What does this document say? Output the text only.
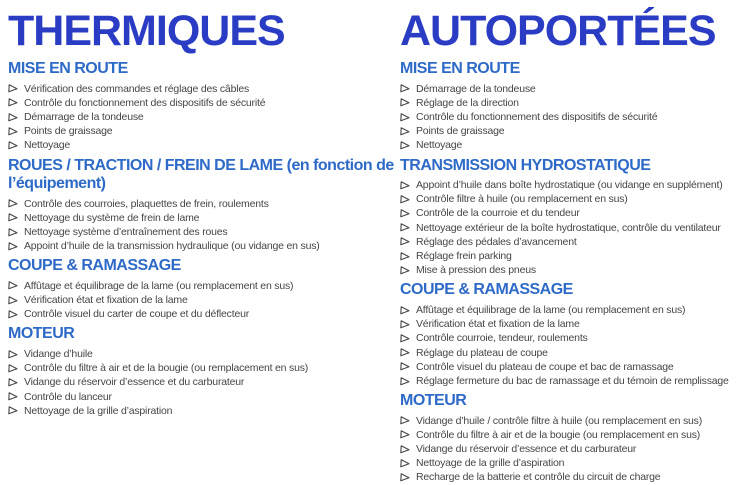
THERMIQUES
MISE EN ROUTE
Vérification des commandes et réglage des câbles
Contrôle du fonctionnement des dispositifs de sécurité
Démarrage de la tondeuse
Points de graissage
Nettoyage
ROUES / TRACTION / FREIN DE LAME (en fonction de l’équipement)
Contrôle des courroies, plaquettes de frein, roulements
Nettoyage du système de frein de lame
Nettoyage système d’entraînement des roues
Appoint d’huile de la transmission hydraulique (ou vidange en sus)
COUPE & RAMASSAGE
Affûtage et équilibrage de la lame (ou remplacement en sus)
Vérification état et fixation de la lame
Contrôle visuel du carter de coupe et du déflecteur
MOTEUR
Vidange d’huile
Contrôle du filtre à air et de la bougie (ou remplacement en sus)
Vidange du réservoir d’essence et du carburateur
Contrôle du lanceur
Nettoyage de la grille d’aspiration
AUTOPORTÉES
MISE EN ROUTE
Démarrage de la tondeuse
Réglage de la direction
Contrôle du fonctionnement des dispositifs de sécurité
Points de graissage
Nettoyage
TRANSMISSION HYDROSTATIQUE
Appoint d’huile dans boîte hydrostatique (ou vidange en supplément)
Contrôle filtre à huile (ou remplacement en sus)
Contrôle de la courroie et du tendeur
Nettoyage extérieur de la boîte hydrostatique, contrôle du ventilateur
Réglage des pédales d’avancement
Réglage frein parking
Mise à pression des pneus
COUPE & RAMASSAGE
Affûtage et équilibrage de la lame (ou remplacement en sus)
Vérification état et fixation de la lame
Contrôle courroie, tendeur, roulements
Réglage du plateau de coupe
Contrôle visuel du plateau de coupe et bac de ramassage
Réglage fermeture du bac de ramassage et du témoin de remplissage
MOTEUR
Vidange d’huile / contrôle filtre à huile (ou remplacement en sus)
Contrôle du filtre à air et de la bougie (ou remplacement en sus)
Vidange du réservoir d’essence et du carburateur
Nettoyage de la grille d’aspiration
Recharge de la batterie et contrôle du circuit de charge
